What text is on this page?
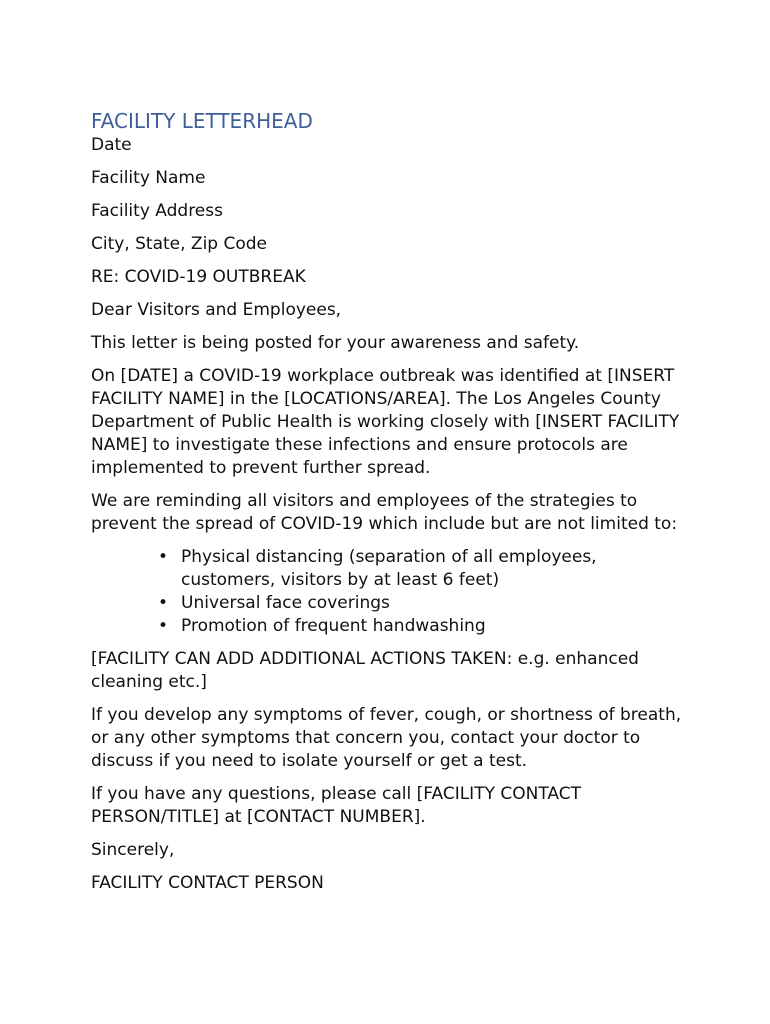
FACILITY LETTERHEAD

Date

Facility Name

Facility Address

City, State, Zip Code

RE: COVID-19 OUTBREAK

Dear Visitors and Employees,

This letter is being posted for your awareness and safety.

On [DATE] a COVID-19 workplace outbreak was identified at [INSERT FACILITY NAME] in the [LOCATIONS/AREA]. The Los Angeles County Department of Public Health is working closely with [INSERT FACILITY NAME] to investigate these infections and ensure protocols are implemented to prevent further spread.

We are reminding all visitors and employees of the strategies to prevent the spread of COVID-19 which include but are not limited to:

• Physical distancing (separation of all employees, customers, visitors by at least 6 feet)
• Universal face coverings
• Promotion of frequent handwashing

[FACILITY CAN ADD ADDITIONAL ACTIONS TAKEN: e.g. enhanced cleaning etc.]

If you develop any symptoms of fever, cough, or shortness of breath, or any other symptoms that concern you, contact your doctor to discuss if you need to isolate yourself or get a test.

If you have any questions, please call [FACILITY CONTACT PERSON/TITLE] at [CONTACT NUMBER].

Sincerely,

FACILITY CONTACT PERSON
